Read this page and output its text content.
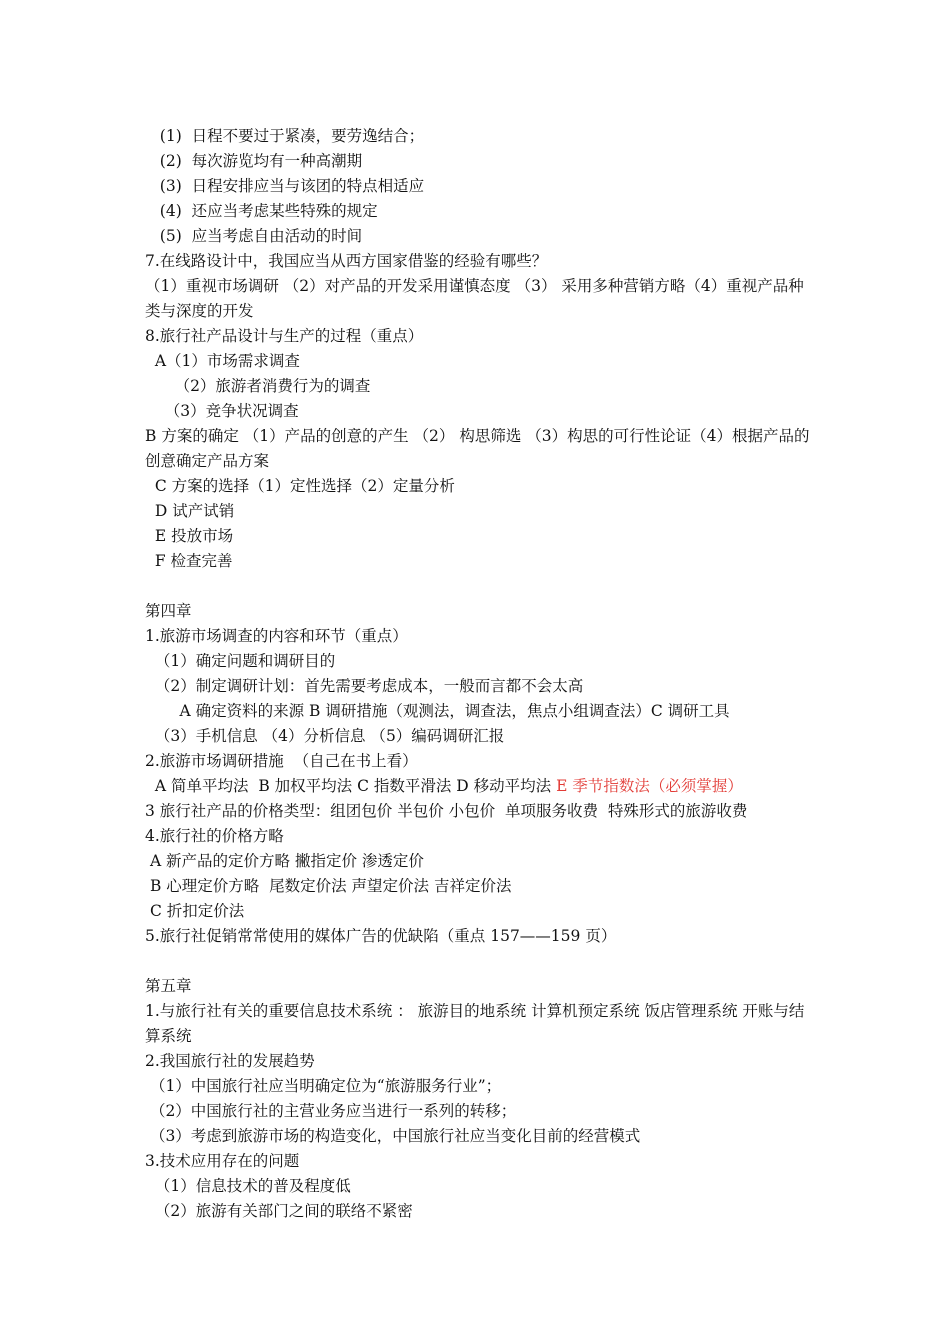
(1)  日程不要过于紧凑，要劳逸结合；

(2)  每次游览均有一种高潮期

(3)  日程安排应当与该团的特点相适应

(4)  还应当考虑某些特殊的规定

(5)  应当考虑自由活动的时间

7.在线路设计中，我国应当从西方国家借鉴的经验有哪些？

（1）重视市场调研 （2）对产品的开发采用谨慎态度 （3） 采用多种营销方略（4）重视产品种类与深度的开发

8.旅行社产品设计与生产的过程（重点）

A（1）市场需求调查

（2）旅游者消费行为的调查

（3）竞争状况调查

B 方案的确定 （1）产品的创意的产生 （2） 构思筛选 （3）构思的可行性论证（4）根据产品的创意确定产品方案

C 方案的选择（1）定性选择（2）定量分析

D 试产试销

E 投放市场

F 检查完善

第四章

1.旅游市场调查的内容和环节（重点）

（1）确定问题和调研目的

（2）制定调研计划：首先需要考虑成本，一般而言都不会太高

A 确定资料的来源 B 调研措施（观测法，调查法，焦点小组调查法）C 调研工具

（3）手机信息 （4）分析信息 （5）编码调研汇报

2.旅游市场调研措施  （自己在书上看）

A 简单平均法  B 加权平均法 C 指数平滑法 D 移动平均法 E 季节指数法（必须掌握）

3 旅行社产品的价格类型：组团包价 半包价 小包价  单项服务收费  特殊形式的旅游收费

4.旅行社的价格方略

A 新产品的定价方略 撇指定价 渗透定价

B 心理定价方略  尾数定价法 声望定价法 吉祥定价法

C 折扣定价法

5.旅行社促销常常使用的媒体广告的优缺陷（重点 157——159 页）

第五章

1.与旅行社有关的重要信息技术系统 ： 旅游目的地系统 计算机预定系统 饭店管理系统 开账与结算系统

2.我国旅行社的发展趋势

（1）中国旅行社应当明确定位为“旅游服务行业”；

（2）中国旅行社的主营业务应当进行一系列的转移；

（3）考虑到旅游市场的构造变化，中国旅行社应当变化目前的经营模式

3.技术应用存在的问题

（1）信息技术的普及程度低

（2）旅游有关部门之间的联络不紧密
